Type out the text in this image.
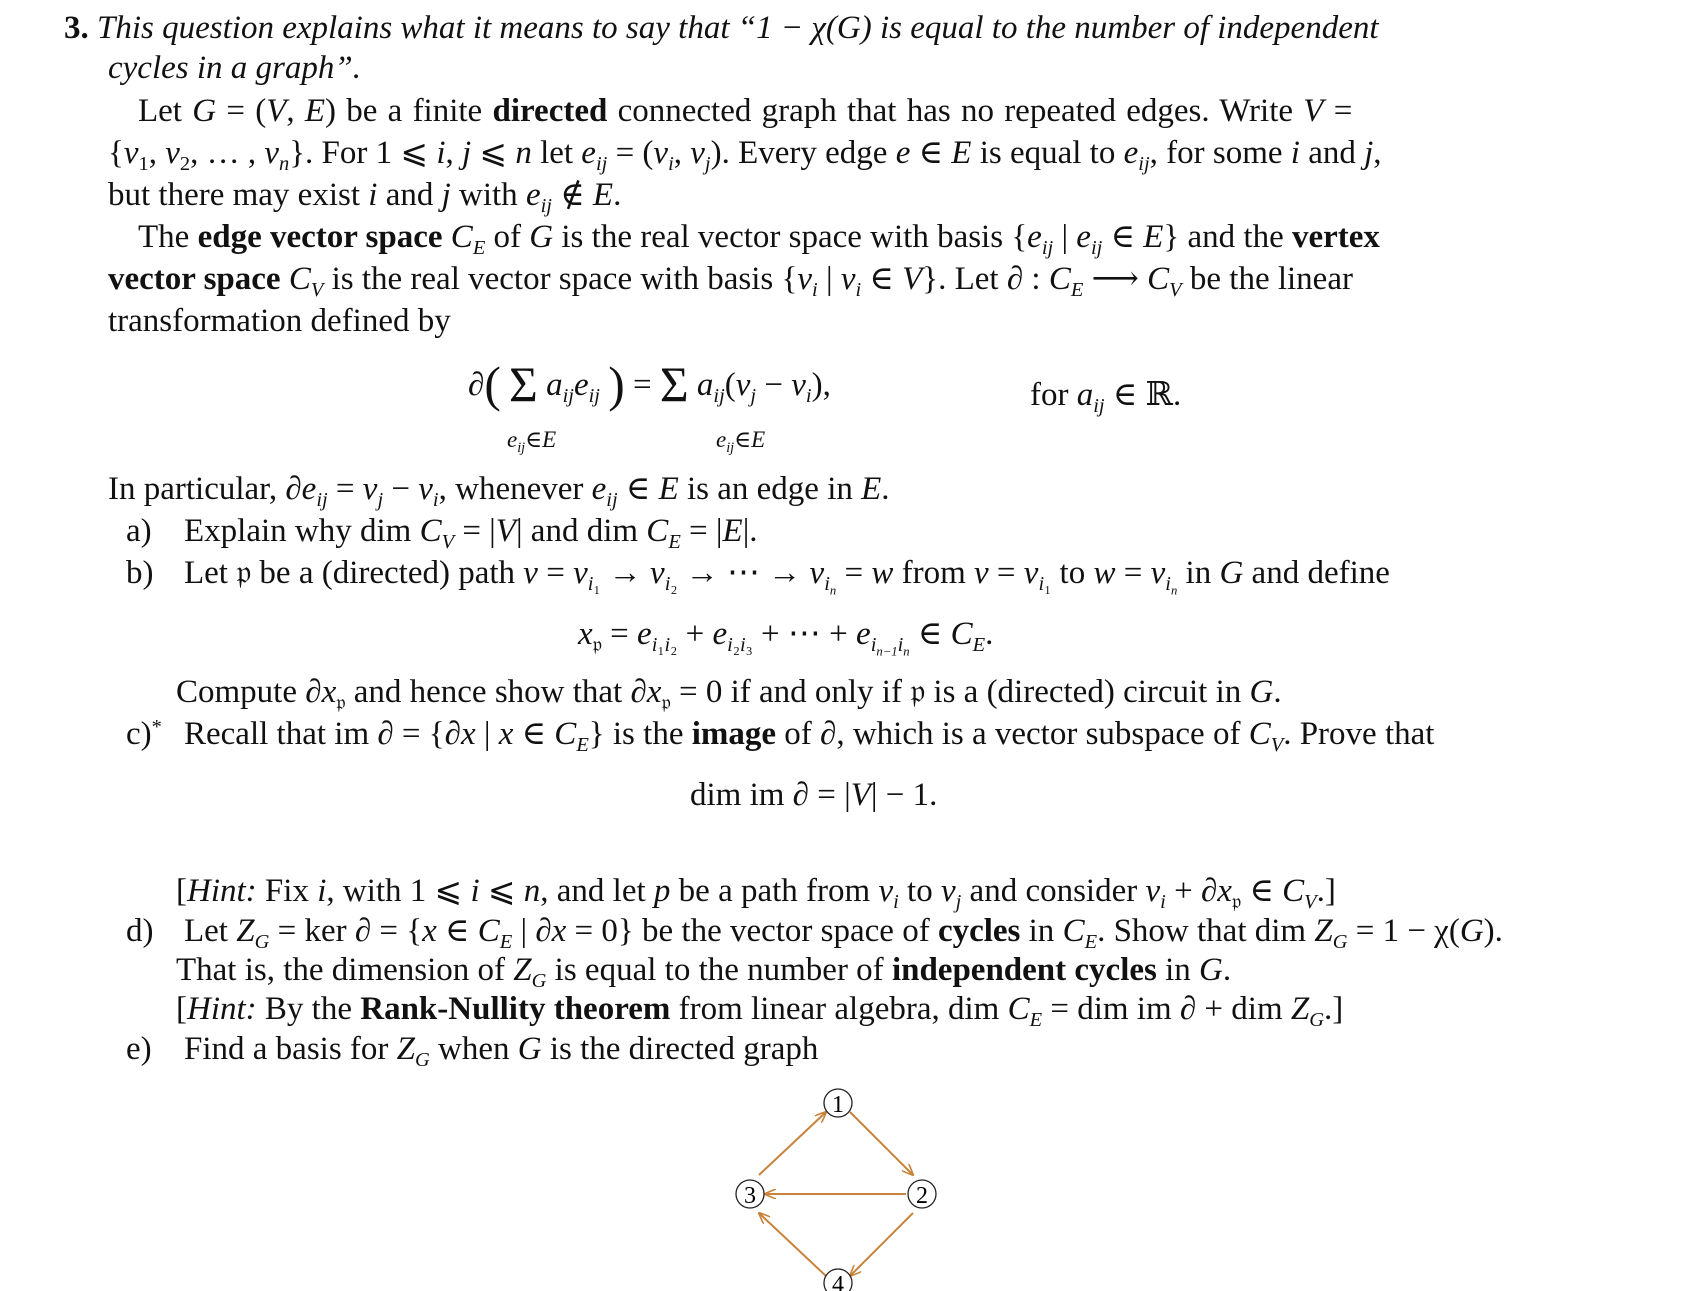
3. This question explains what it means to say that “1 − χ(G) is equal to the number of independent
cycles in a graph”.
Let G = (V, E) be a finite directed connected graph that has no repeated edges. Write V =
{$v_1$, $v_2$, … , $v_n$}. For 1 ⩽ i, j ⩽ n let $e_{ij} = (v_i$, $v_j$). Every edge e ∈ E is equal to $e_{ij}$, for some i and j,
but there may exist i and j with $e_{ij}$ ∉ E.
The edge vector space $C_E$ of G is the real vector space with basis {$e_{ij}$ | $e_{ij}$ ∈ E} and the vertex
vector space $C_V$ is the real vector space with basis {$v_i$ | $v_i$ ∈ V}. Let ∂ : $C_E$ ⟶ $C_V$ be the linear
transformation defined by
∂( Σ $a_{ij}e_{ij}$ ) = Σ $a_{ij}(v_j - v_i)$,
$e_{ij}\in E$	$e_{ij}\in E$
for $a_{ij}$ ∈ ℝ.
In particular, $\partial e_{ij} = v_j - v_i$, whenever $e_{ij}$ ∈ E is an edge in E.
a) Explain why dim $C_V = |V|$ and dim $C_E = |E|$.
b) Let 𝔭 be a (directed) path $v = v_{i_1} \to v_{i_2}$ → ⋯ → $v_{i_n} = w$ from $v = v_{i_1}$ to $w = v_{i_n}$ in G and define
$x_𝔭 = e_{i_1i_2} + e_{i_2i_3}$ + ⋯ + $e_{i_{n-1}i_n}$ ∈ $C_E$.
Compute $\partial x_𝔭$ and hence show that $\partial x_𝔭 = 0$ if and only if 𝔭 is a (directed) circuit in G.
c)* Recall that im ∂ = {∂x | x ∈ $C_E$} is the image of ∂, which is a vector subspace of $C_V$. Prove that
dim im ∂ = |V| − 1.
[Hint: Fix i, with 1 ⩽ i ⩽ n, and let p be a path from $v_i$ to $v_j$ and consider $v_i + \partial x_𝔭$ ∈ $C_V$.]
d) Let $Z_G$ = ker ∂ = {x ∈ $C_E$ | ∂x = 0} be the vector space of cycles in $C_E$. Show that dim $Z_G = 1 - \chi(G)$.
That is, the dimension of $Z_G$ is equal to the number of independent cycles in G.
[Hint: By the Rank-Nullity theorem from linear algebra, dim $C_E$ = dim im ∂ + dim $Z_G$.]
e) Find a basis for $Z_G$ when G is the directed graph
1
2
3
4
